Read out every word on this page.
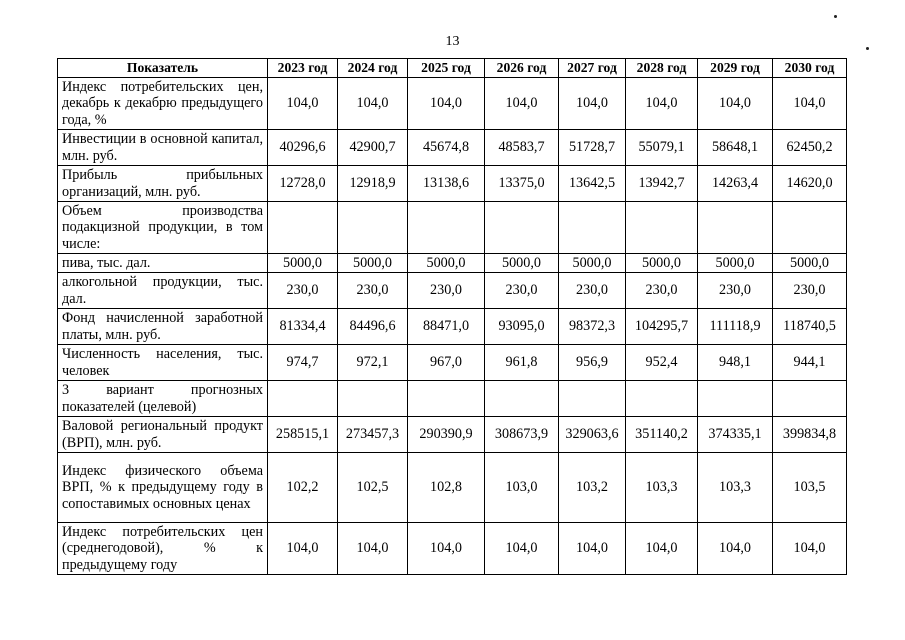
13
Показатель	2023 год	2024 год	2025 год	2026 год	2027 год	2028 год	2029 год	2030 год
Индекс потребительских цен, декабрь к декабрю предыдущего года, %	104,0	104,0	104,0	104,0	104,0	104,0	104,0	104,0
Инвестиции в основной капитал, млн. руб.	40296,6	42900,7	45674,8	48583,7	51728,7	55079,1	58648,1	62450,2
Прибыль прибыльных организаций, млн. руб.	12728,0	12918,9	13138,6	13375,0	13642,5	13942,7	14263,4	14620,0
Объем производства подакцизной продукции, в том числе:								
пива, тыс. дал.	5000,0	5000,0	5000,0	5000,0	5000,0	5000,0	5000,0	5000,0
алкогольной продукции, тыс. дал.	230,0	230,0	230,0	230,0	230,0	230,0	230,0	230,0
Фонд начисленной заработной платы, млн. руб.	81334,4	84496,6	88471,0	93095,0	98372,3	104295,7	111118,9	118740,5
Численность населения, тыс. человек	974,7	972,1	967,0	961,8	956,9	952,4	948,1	944,1
3 вариант прогнозных показателей (целевой)								
Валовой региональный продукт (ВРП), млн. руб.	258515,1	273457,3	290390,9	308673,9	329063,6	351140,2	374335,1	399834,8
Индекс физического объема ВРП, % к предыдущему году в сопоставимых основных ценах	102,2	102,5	102,8	103,0	103,2	103,3	103,3	103,5
Индекс потребительских цен (среднегодовой), % к предыдущему году	104,0	104,0	104,0	104,0	104,0	104,0	104,0	104,0
